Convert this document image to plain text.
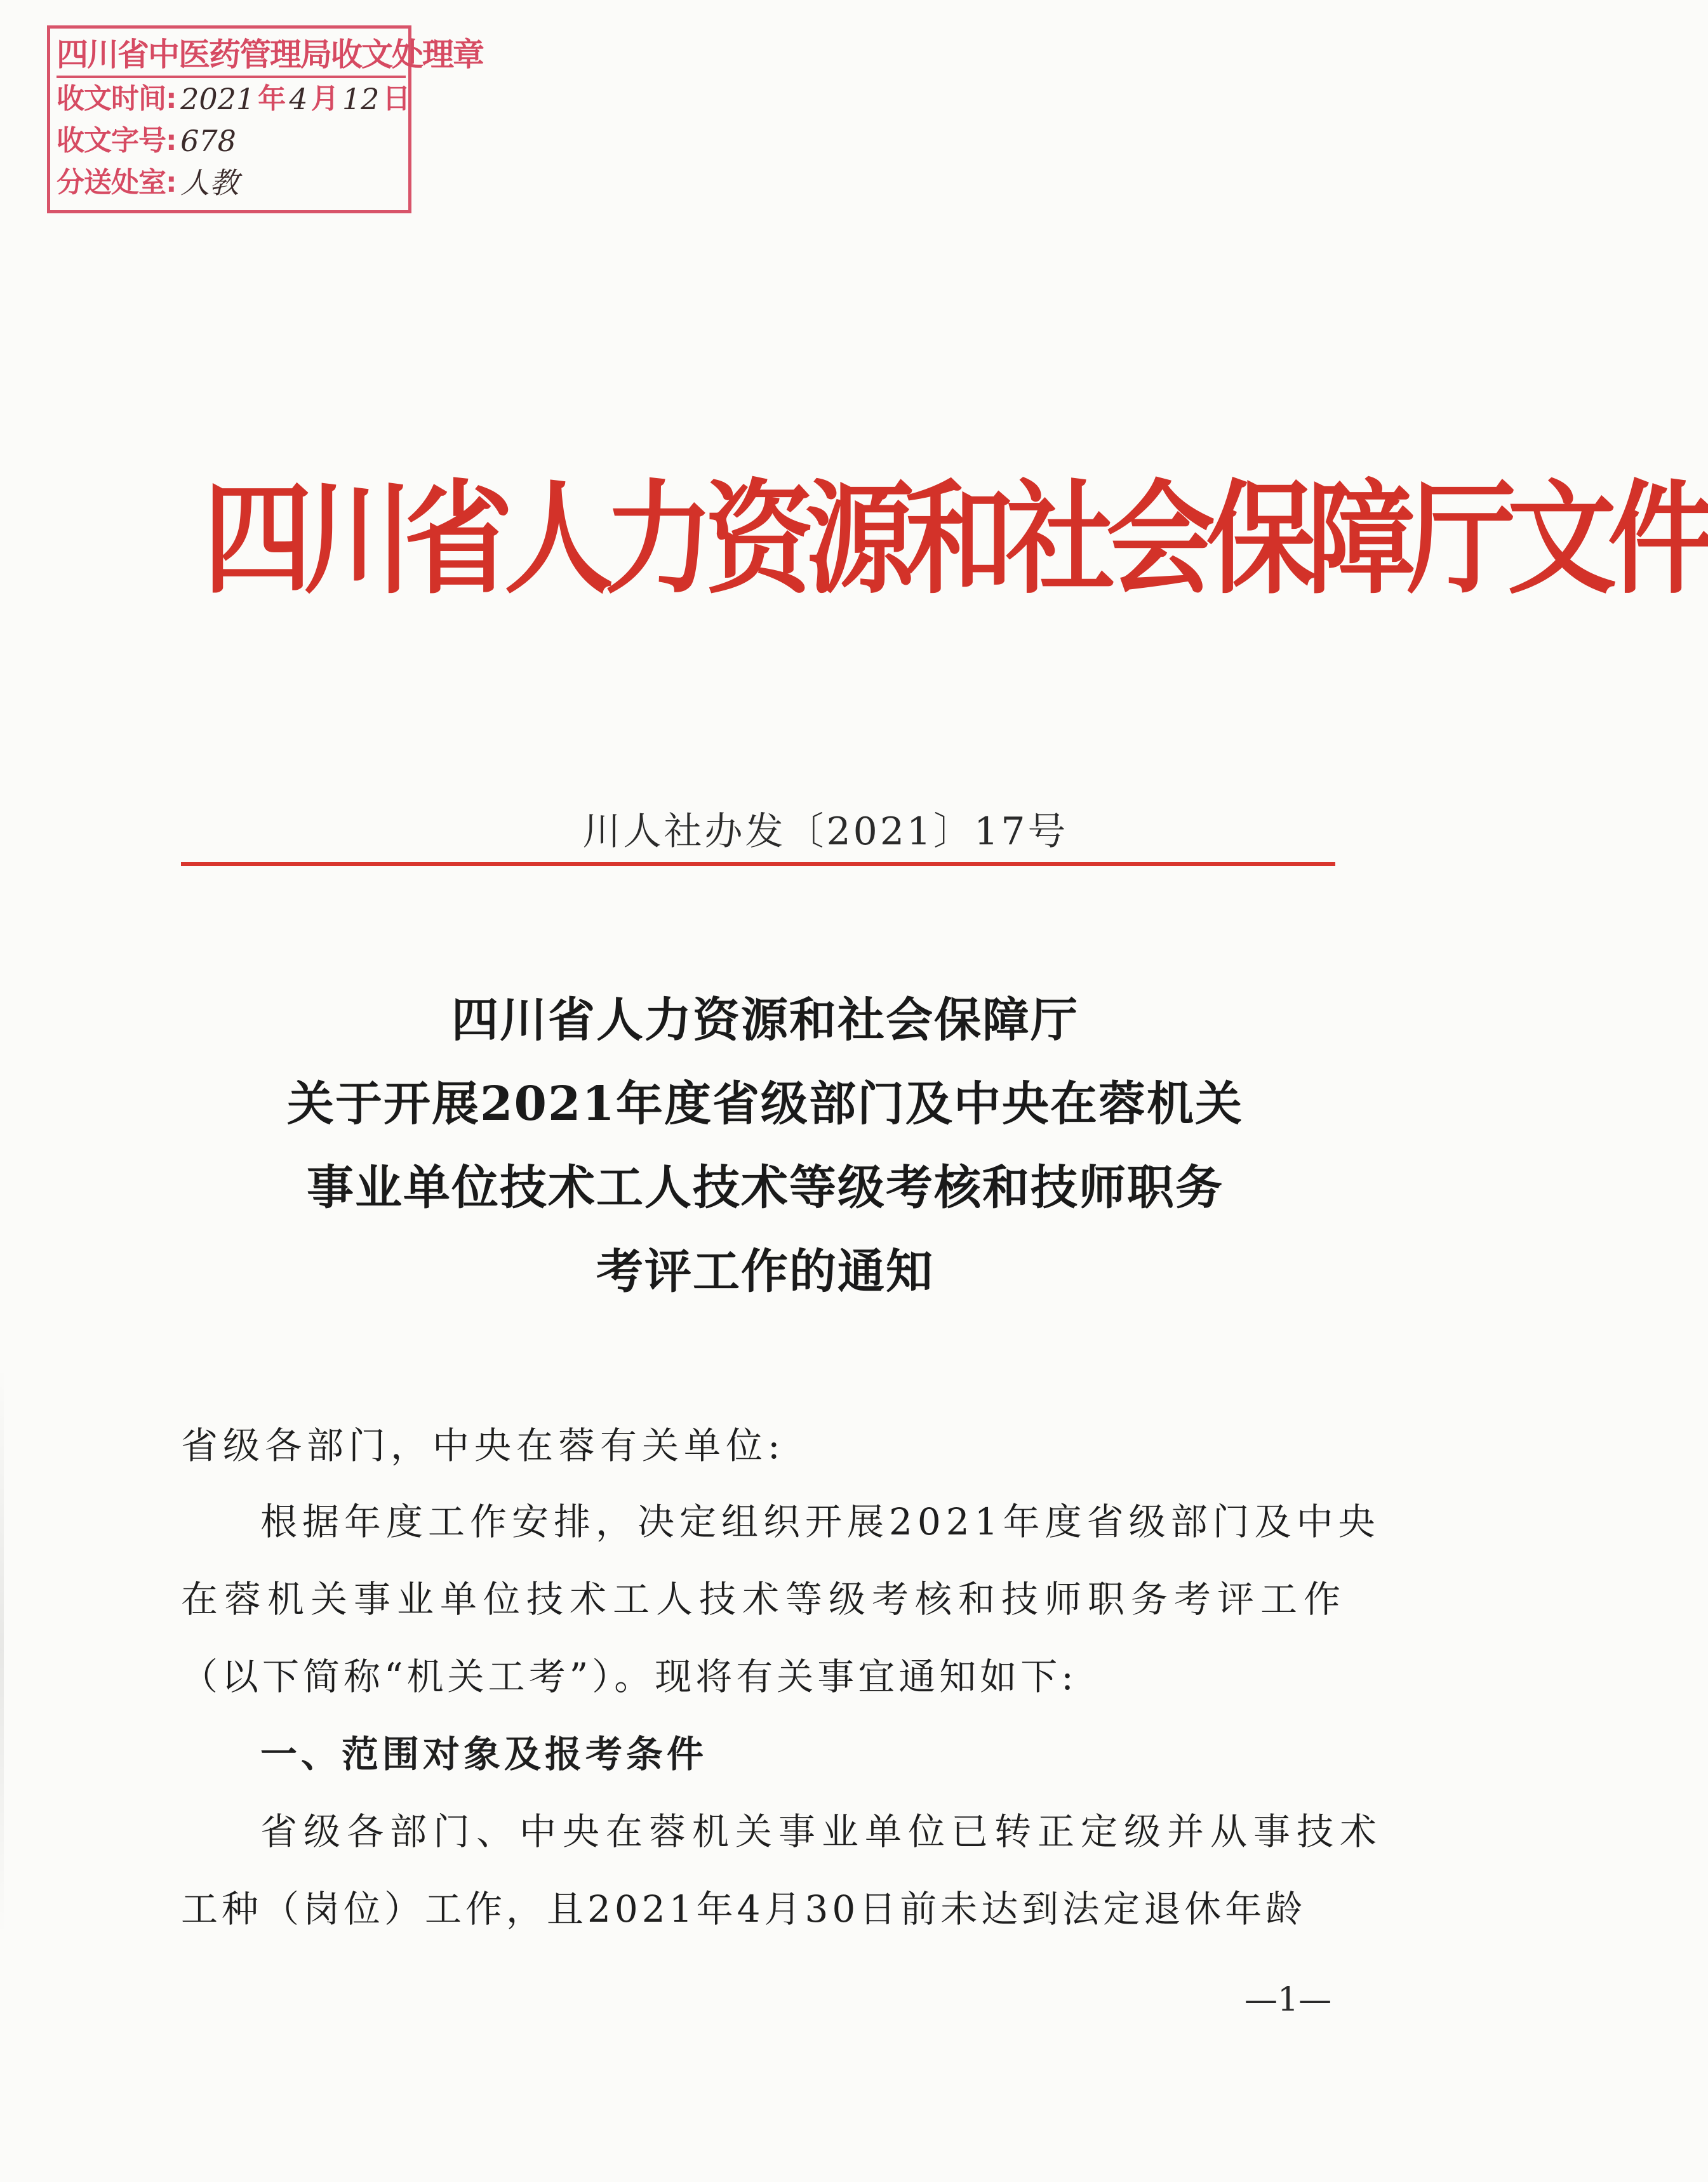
四川省中医药管理局收文处理章
收文时间: 2021 年 4 月 12 日
收文字号: 678
分送处室: 人教
四川省人力资源和社会保障厅文件
川人社办发〔2021〕17号
四川省人力资源和社会保障厅
关于开展2021年度省级部门及中央在蓉机关
事业单位技术工人技术等级考核和技师职务
考评工作的通知
省级各部门，中央在蓉有关单位:
根据年度工作安排，决定组织开展2021年度省级部门及中央
在蓉机关事业单位技术工人技术等级考核和技师职务考评工作
（以下简称“机关工考”）。现将有关事宜通知如下:
一、范围对象及报考条件
省级各部门、中央在蓉机关事业单位已转正定级并从事技术
工种（岗位）工作，且2021年4月30日前未达到法定退休年龄
—1—
